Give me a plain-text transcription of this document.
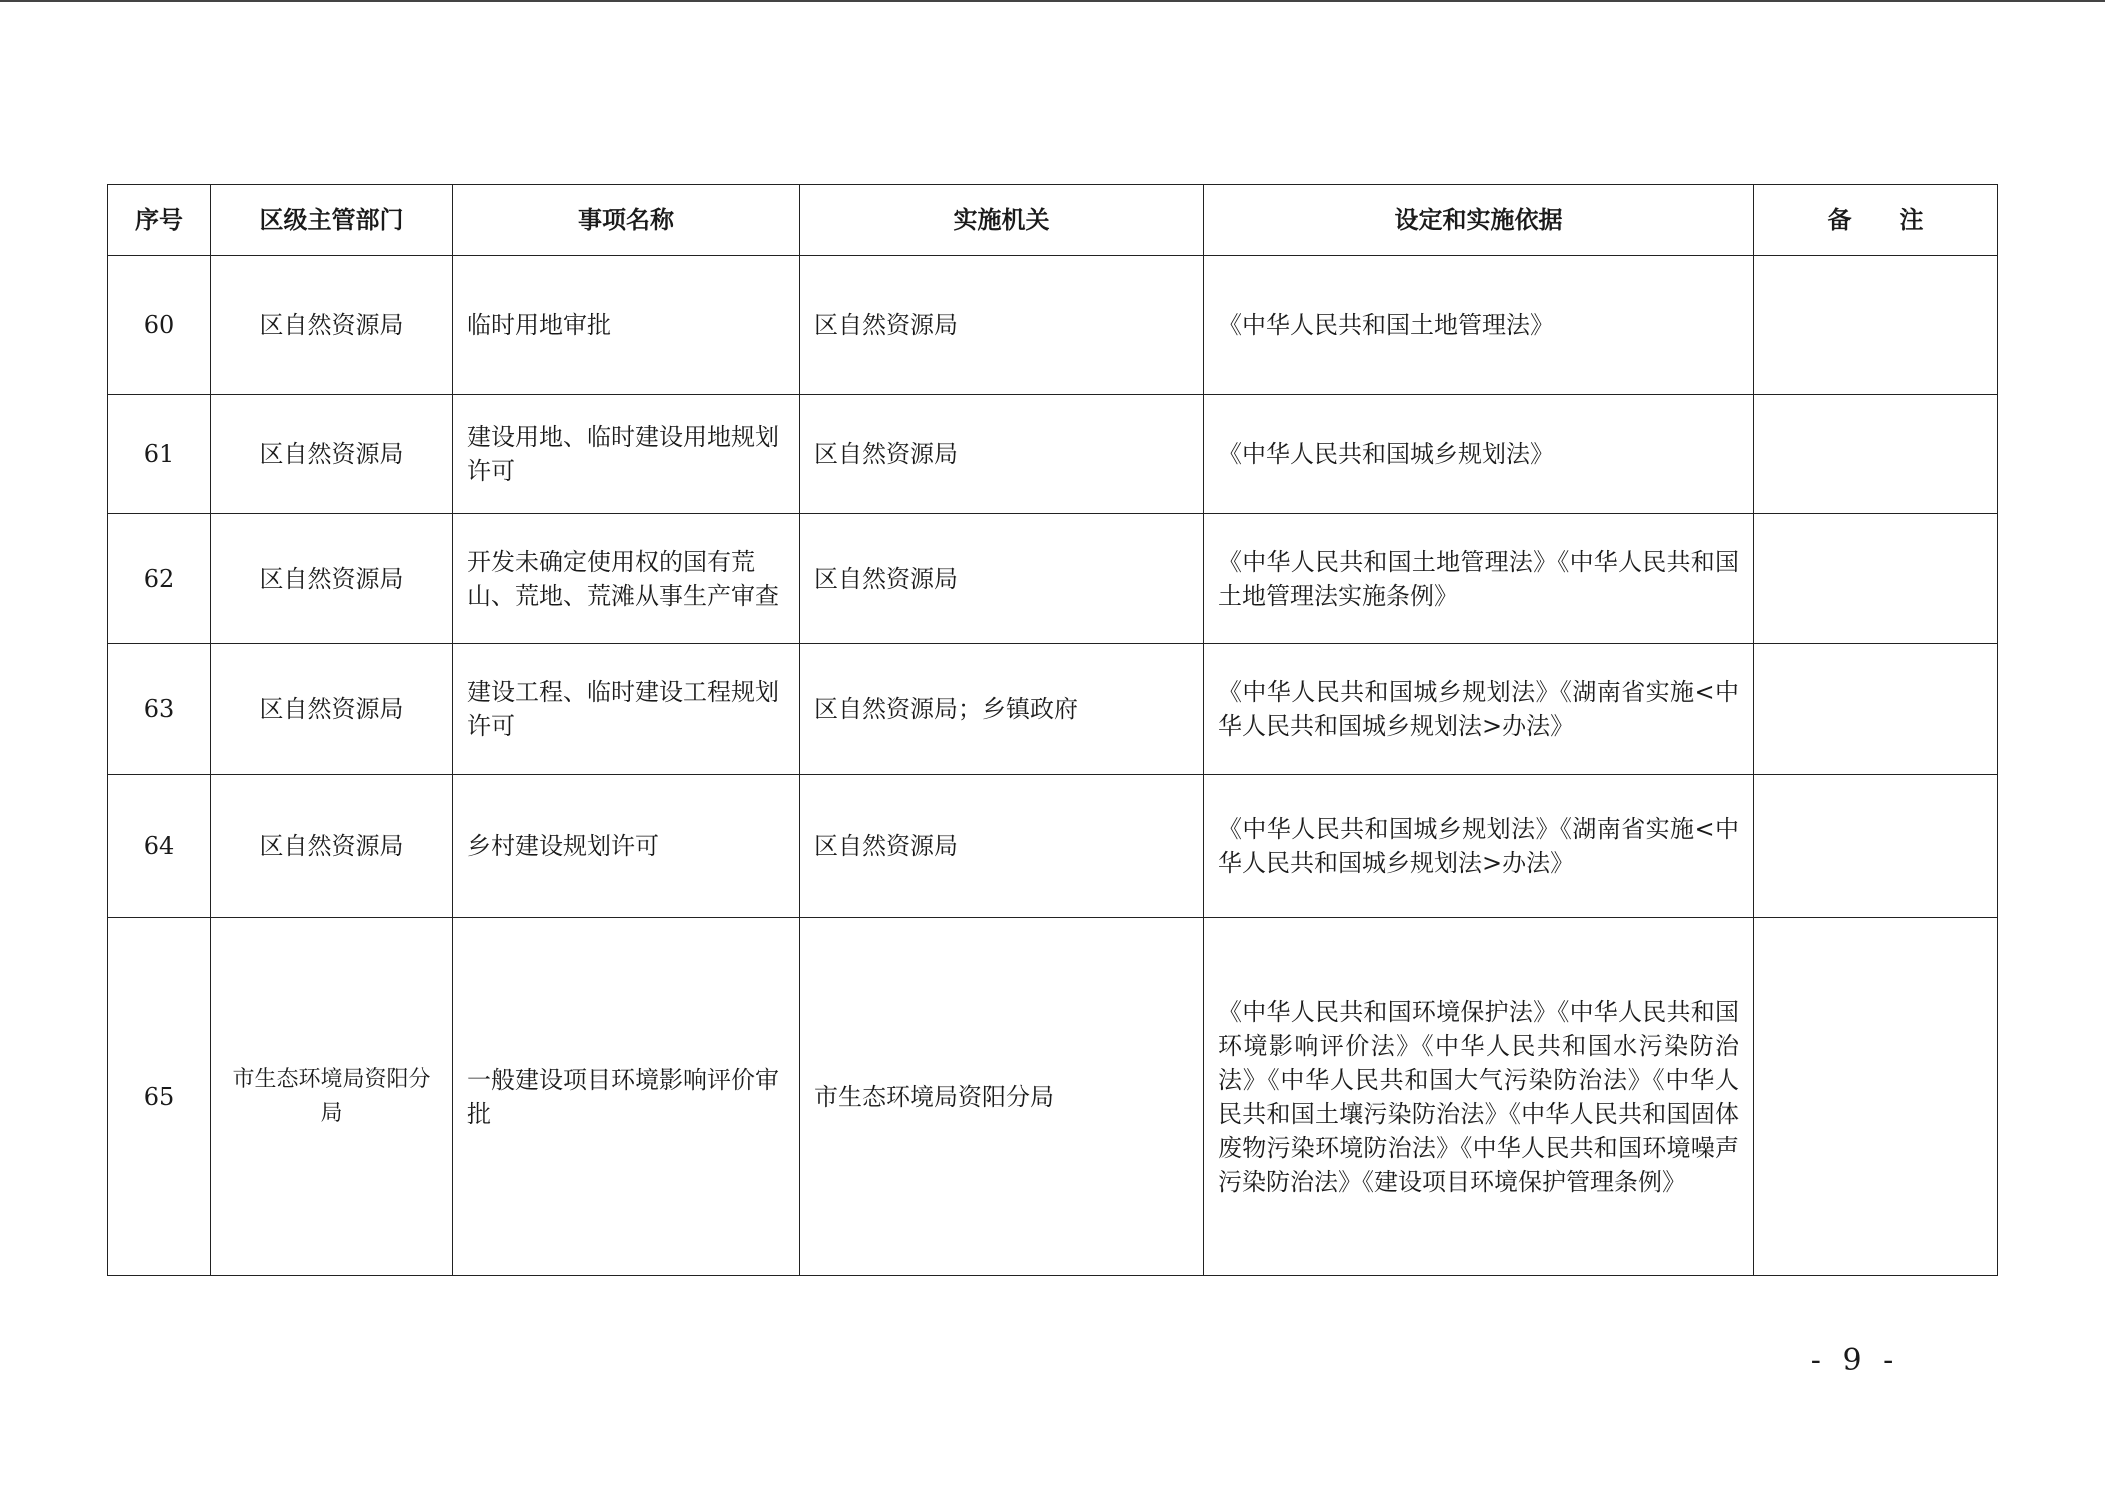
序号	区级主管部门	事项名称	实施机关	设定和实施依据	备　　注
60	区自然资源局	临时用地审批	区自然资源局	《中华人民共和国土地管理法》	
61	区自然资源局	建设用地、临时建设用地规划许可	区自然资源局	《中华人民共和国城乡规划法》	
62	区自然资源局	开发未确定使用权的国有荒山、荒地、荒滩从事生产审查	区自然资源局	《中华人民共和国土地管理法》《中华人民共和国土地管理法实施条例》	
63	区自然资源局	建设工程、临时建设工程规划许可	区自然资源局；乡镇政府	《中华人民共和国城乡规划法》《湖南省实施<中华人民共和国城乡规划法>办法》	
64	区自然资源局	乡村建设规划许可	区自然资源局	《中华人民共和国城乡规划法》《湖南省实施<中华人民共和国城乡规划法>办法》	
65	市生态环境局资阳分局	一般建设项目环境影响评价审批	市生态环境局资阳分局	《中华人民共和国环境保护法》《中华人民共和国环境影响评价法》《中华人民共和国水污染防治法》《中华人民共和国大气污染防治法》《中华人民共和国土壤污染防治法》《中华人民共和国固体废物污染环境防治法》《中华人民共和国环境噪声污染防治法》《建设项目环境保护管理条例》	
- 9 -
